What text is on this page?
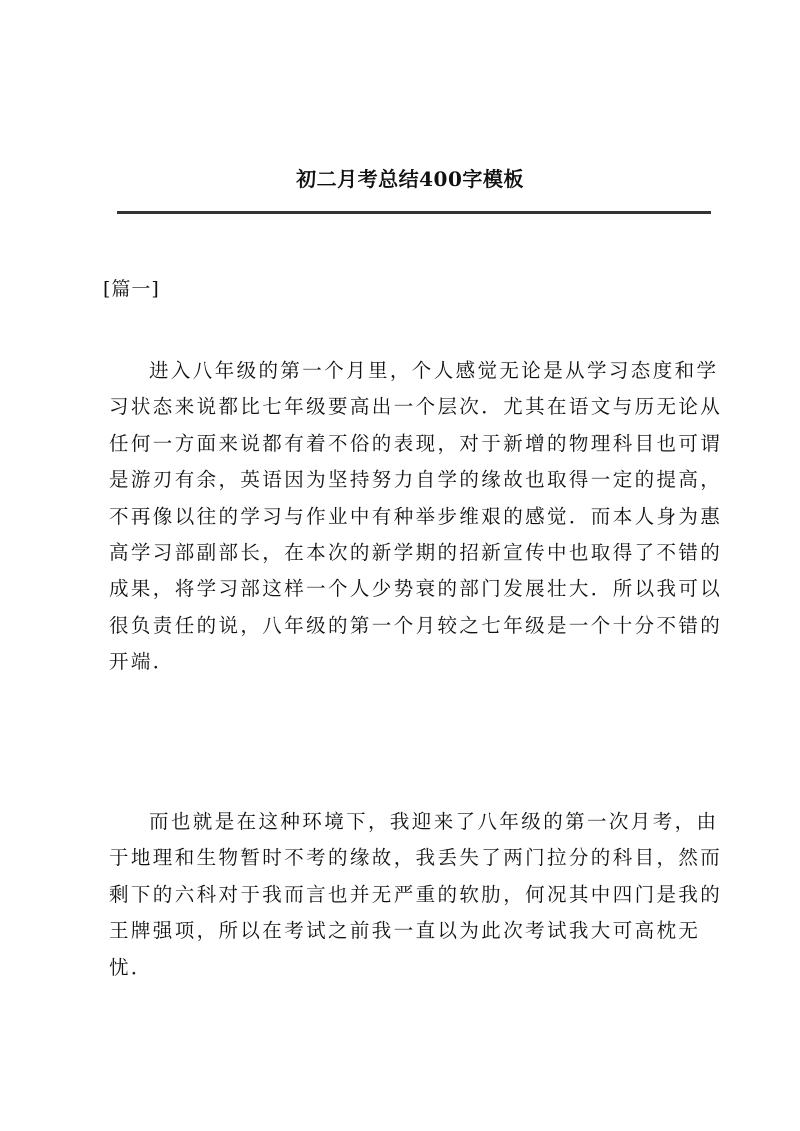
初二月考总结400字模板
[篇一]

进入八年级的第一个月里，个人感觉无论是从学习态度和学
习状态来说都比七年级要高出一个层次．尤其在语文与历无论从
任何一方面来说都有着不俗的表现，对于新增的物理科目也可谓
是游刃有余，英语因为坚持努力自学的缘故也取得一定的提高，
不再像以往的学习与作业中有种举步维艰的感觉．而本人身为惠
高学习部副部长，在本次的新学期的招新宣传中也取得了不错的
成果，将学习部这样一个人少势衰的部门发展壮大．所以我可以
很负责任的说，八年级的第一个月较之七年级是一个十分不错的
开端．

而也就是在这种环境下，我迎来了八年级的第一次月考，由
于地理和生物暂时不考的缘故，我丢失了两门拉分的科目，然而
剩下的六科对于我而言也并无严重的软肋，何况其中四门是我的
王牌强项，所以在考试之前我一直以为此次考试我大可高枕无
忧．
